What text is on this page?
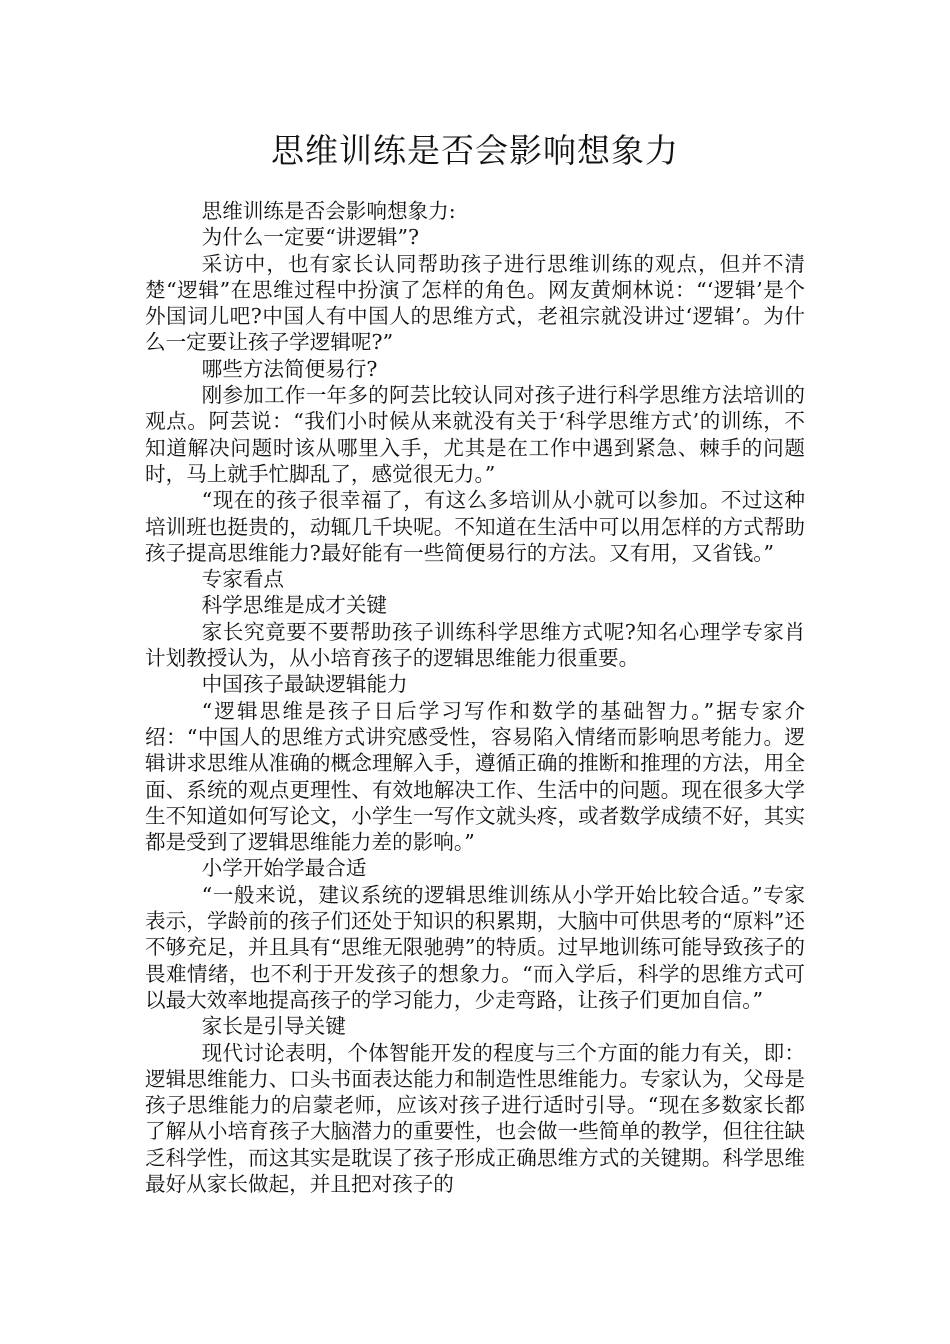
思维训练是否会影响想象力

思维训练是否会影响想象力:

为什么一定要“讲逻辑”?

采访中，也有家长认同帮助孩子进行思维训练的观点，但并不清楚“逻辑”在思维过程中扮演了怎样的角色。网友黄炯林说：“‘逻辑’是个外国词儿吧?中国人有中国人的思维方式，老祖宗就没讲过‘逻辑’。为什么一定要让孩子学逻辑呢?”

哪些方法简便易行?

刚参加工作一年多的阿芸比较认同对孩子进行科学思维方法培训的观点。阿芸说：“我们小时候从来就没有关于‘科学思维方式’的训练，不知道解决问题时该从哪里入手，尤其是在工作中遇到紧急、棘手的问题时，马上就手忙脚乱了，感觉很无力。”

“现在的孩子很幸福了，有这么多培训从小就可以参加。不过这种培训班也挺贵的，动辄几千块呢。不知道在生活中可以用怎样的方式帮助孩子提高思维能力?最好能有一些简便易行的方法。又有用，又省钱。”

专家看点

科学思维是成才关键

家长究竟要不要帮助孩子训练科学思维方式呢?知名心理学专家肖计划教授认为，从小培育孩子的逻辑思维能力很重要。

中国孩子最缺逻辑能力

“逻辑思维是孩子日后学习写作和数学的基础智力。”据专家介绍：“中国人的思维方式讲究感受性，容易陷入情绪而影响思考能力。逻辑讲求思维从准确的概念理解入手，遵循正确的推断和推理的方法，用全面、系统的观点更理性、有效地解决工作、生活中的问题。现在很多大学生不知道如何写论文，小学生一写作文就头疼，或者数学成绩不好，其实都是受到了逻辑思维能力差的影响。”

小学开始学最合适

“一般来说，建议系统的逻辑思维训练从小学开始比较合适。”专家表示，学龄前的孩子们还处于知识的积累期，大脑中可供思考的“原料”还不够充足，并且具有“思维无限驰骋”的特质。过早地训练可能导致孩子的畏难情绪，也不利于开发孩子的想象力。“而入学后，科学的思维方式可以最大效率地提高孩子的学习能力，少走弯路，让孩子们更加自信。”

家长是引导关键

现代讨论表明，个体智能开发的程度与三个方面的能力有关，即：逻辑思维能力、口头书面表达能力和制造性思维能力。专家认为，父母是孩子思维能力的启蒙老师，应该对孩子进行适时引导。“现在多数家长都了解从小培育孩子大脑潜力的重要性，也会做一些简单的教学，但往往缺乏科学性，而这其实是耽误了孩子形成正确思维方式的关键期。科学思维最好从家长做起，并且把对孩子的
